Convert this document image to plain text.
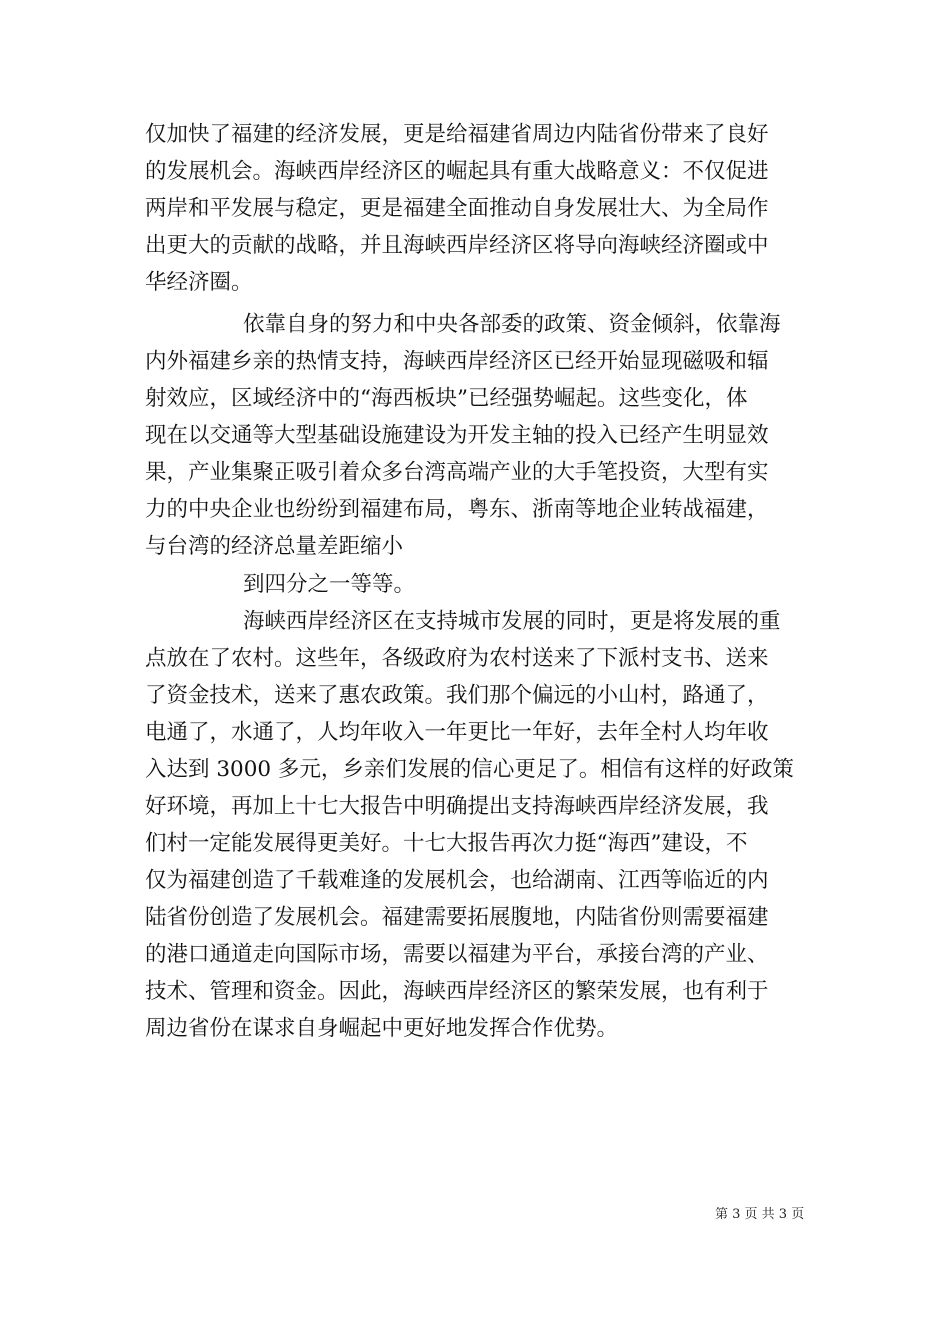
仅加快了福建的经济发展，更是给福建省周边内陆省份带来了良好
的发展机会。海峡西岸经济区的崛起具有重大战略意义：不仅促进
两岸和平发展与稳定，更是福建全面推动自身发展壮大、为全局作
出更大的贡献的战略，并且海峡西岸经济区将导向海峡经济圈或中
华经济圈。
依靠自身的努力和中央各部委的政策、资金倾斜，依靠海
内外福建乡亲的热情支持，海峡西岸经济区已经开始显现磁吸和辐
射效应，区域经济中的“海西板块”已经强势崛起。这些变化，体
现在以交通等大型基础设施建设为开发主轴的投入已经产生明显效
果，产业集聚正吸引着众多台湾高端产业的大手笔投资，大型有实
力的中央企业也纷纷到福建布局，粤东、浙南等地企业转战福建，
与台湾的经济总量差距缩小
到四分之一等等。
海峡西岸经济区在支持城市发展的同时，更是将发展的重
点放在了农村。这些年，各级政府为农村送来了下派村支书、送来
了资金技术，送来了惠农政策。我们那个偏远的小山村，路通了，
电通了，水通了，人均年收入一年更比一年好，去年全村人均年收
入达到 3000 多元，乡亲们发展的信心更足了。相信有这样的好政策
好环境，再加上十七大报告中明确提出支持海峡西岸经济发展，我
们村一定能发展得更美好。十七大报告再次力挺“海西”建设，不
仅为福建创造了千载难逢的发展机会，也给湖南、江西等临近的内
陆省份创造了发展机会。福建需要拓展腹地，内陆省份则需要福建
的港口通道走向国际市场，需要以福建为平台，承接台湾的产业、
技术、管理和资金。因此，海峡西岸经济区的繁荣发展，也有利于
周边省份在谋求自身崛起中更好地发挥合作优势。
第 3 页 共 3 页
